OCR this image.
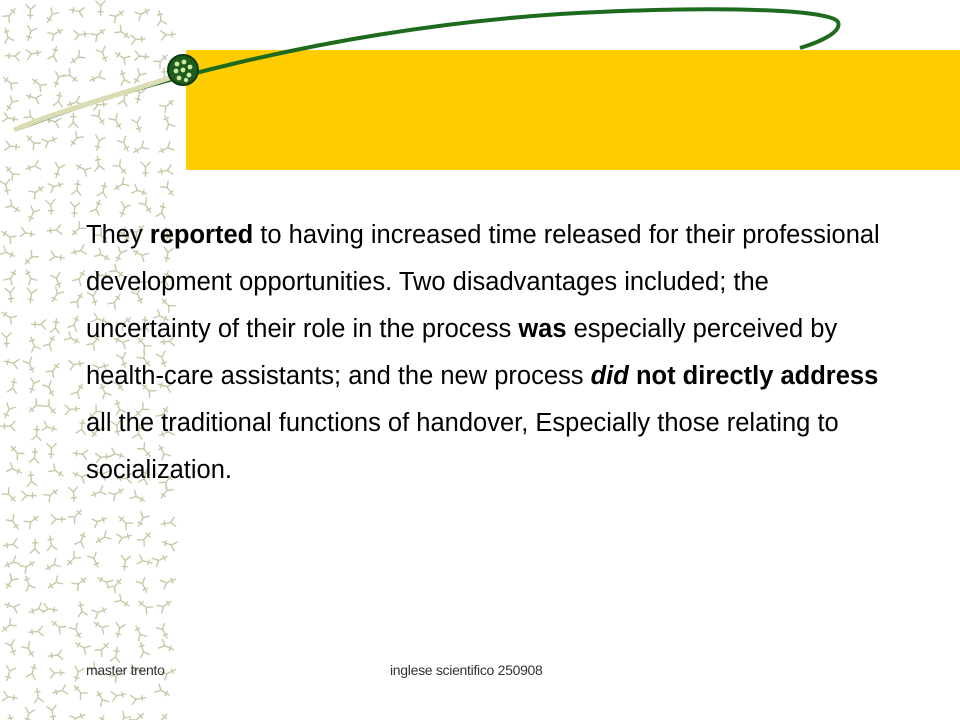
They reported to having increased time released for their professional development opportunities. Two disadvantages included; the uncertainty of their role in the process was especially perceived by health-care assistants; and the new process did not directly address all the traditional functions of handover, Especially those relating to socialization.

master trento	inglese scientifico 250908
